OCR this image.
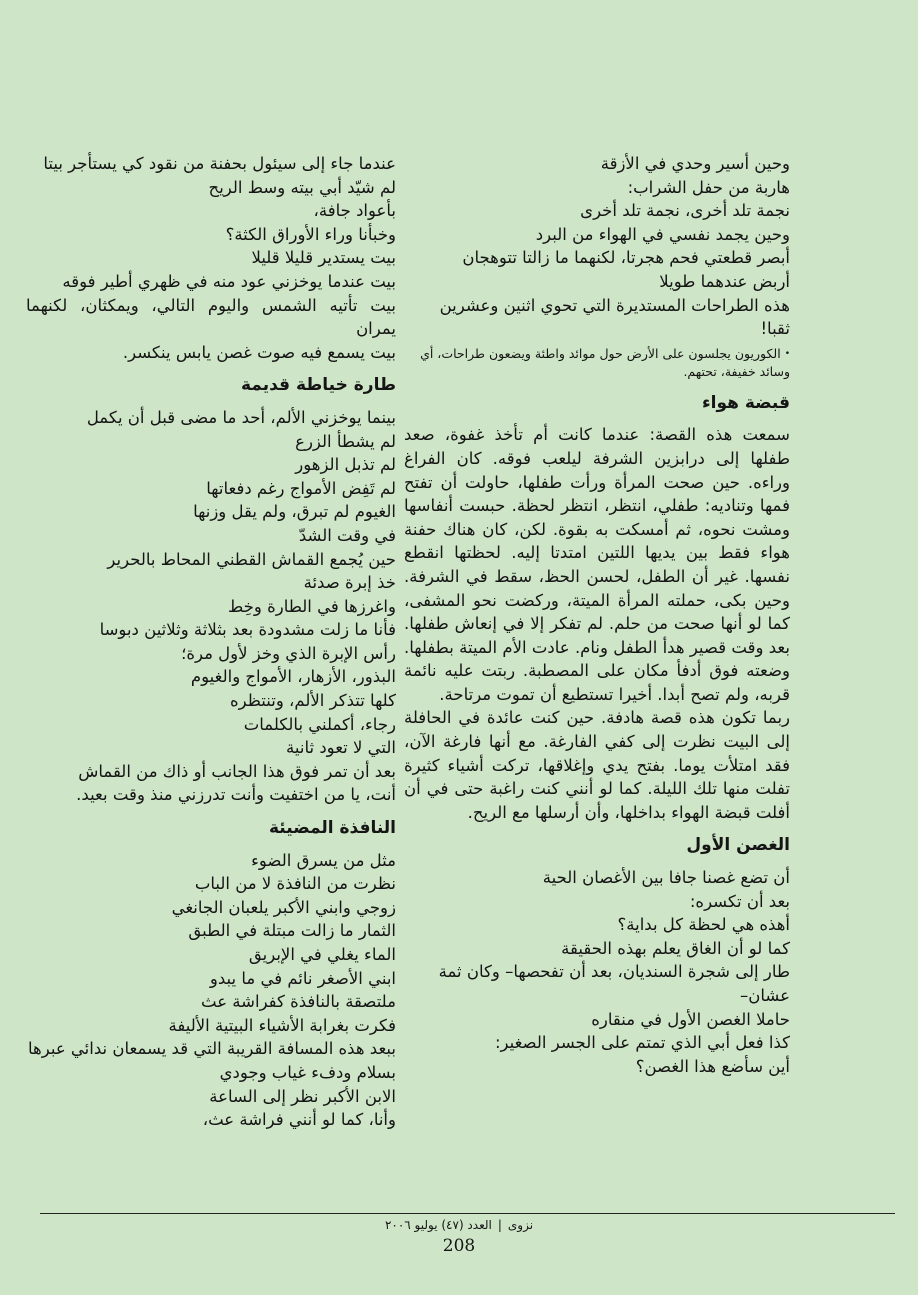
وحين أسير وحدي في الأزقة

هاربة من حفل الشراب:

نجمة تلد أخرى، نجمة تلد أخرى

وحين يجمد نفسي في الهواء من البرد

أبصر قطعتي فحم هجرتا، لكنهما ما زالتا تتوهجان

أربض عندهما طويلا

هذه الطراحات المستديرة التي تحوي اثنين وعشرين

ثقبا!

•الكوريون يجلسون على الأرض حول موائد واطئة ويضعون طراحات، أي وسائد خفيفة، تحتهم.

قبضة هواء

سمعت هذه القصة: عندما كانت أم تأخذ غفوة، صعد طفلها إلى درابزين الشرفة ليلعب فوقه. كان الفراغ وراءه. حين صحت المرأة ورأت طفلها، حاولت أن تفتح فمها وتناديه: طفلي، انتظر، انتظر لحظة. حبست أنفاسها ومشت نحوه، ثم أمسكت به بقوة. لكن، كان هناك حفنة هواء فقط بين يديها اللتين امتدتا إليه. لحظتها انقطع نفسها. غير أن الطفل، لحسن الحظ، سقط في الشرفة. وحين بكى، حملته المرأة الميتة، وركضت نحو المشفى، كما لو أنها صحت من حلم. لم تفكر إلا في إنعاش طفلها. بعد وقت قصير هدأ الطفل ونام. عادت الأم الميتة بطفلها. وضعته فوق أدفأ مكان على المصطبة. ربتت عليه نائمة قربه، ولم تصح أبدا. أخيرا تستطيع أن تموت مرتاحة.

ربما تكون هذه قصة هادفة. حين كنت عائدة في الحافلة إلى البيت نظرت إلى كفي الفارغة. مع أنها فارغة الآن، فقد امتلأت يوما. بفتح يدي وإغلاقها، تركت أشياء كثيرة تفلت منها تلك الليلة. كما لو أنني كنت راغبة حتى في أن أفلت قبضة الهواء بداخلها، وأن أرسلها مع الريح.

الغصن الأول

أن تضع غصنا جافا بين الأغصان الحية

بعد أن تكسره:

أهذه هي لحظة كل بداية؟

كما لو أن الغاق يعلم بهذه الحقيقة

طار إلى شجرة السنديان، بعد أن تفحصها– وكان ثمة

عشان–

حاملا الغصن الأول في منقاره

كذا فعل أبي الذي تمتم على الجسر الصغير:

أين سأضع هذا الغصن؟

عندما جاء إلى سيئول بحفنة من نقود كي يستأجر بيتا

لم شيّد أبي بيته وسط الريح

بأعواد جافة،

وخبأنا وراء الأوراق الكثة؟

بيت يستدير قليلا قليلا

بيت عندما يوخزني عود منه في ظهري أطير فوقه

بيت تأتيه الشمس واليوم التالي، ويمكثان، لكنهما يمران

بيت يسمع فيه صوت غصن يابس ينكسر.

طارة خياطة قديمة

بينما يوخزني الألم، أحد ما مضى قبل أن يكمل

لم يشطأ الزرع

لم تذبل الزهور

لم تَفِض الأمواج رغم دفعاتها

الغيوم لم تبرق، ولم يقل وزنها

في وقت الشدّ

حين يُجمع القماش القطني المحاط بالحرير

خذ إبرة صدئة

واغرزها في الطارة وخِط

فأنا ما زلت مشدودة بعد بثلاثة وثلاثين دبوسا

رأس الإبرة الذي وخز لأول مرة؛

البذور، الأزهار، الأمواج والغيوم

كلها تتذكر الألم، وتنتظره

رجاء، أكملني بالكلمات

التي لا تعود ثانية

بعد أن تمر فوق هذا الجانب أو ذاك من القماش

أنت، يا من اختفيت وأنت تدرزني منذ وقت بعيد.

النافذة المضيئة

مثل من يسرق الضوء

نظرت من النافذة لا من الباب

زوجي وابني الأكبر يلعبان الجانغي

الثمار ما زالت مبتلة في الطبق

الماء يغلي في الإبريق

ابني الأصغر نائم في ما يبدو

ملتصقة بالنافذة كفراشة عث

فكرت بغرابة الأشياء البيتية الأليفة

ببعد هذه المسافة القريبة التي قد يسمعان ندائي عبرها

بسلام ودفء غياب وجودي

الابن الأكبر نظر إلى الساعة

وأنا، كما لو أنني فراشة عث،

نزوى|العدد (٤٧) يوليو ٢٠٠٦
208
